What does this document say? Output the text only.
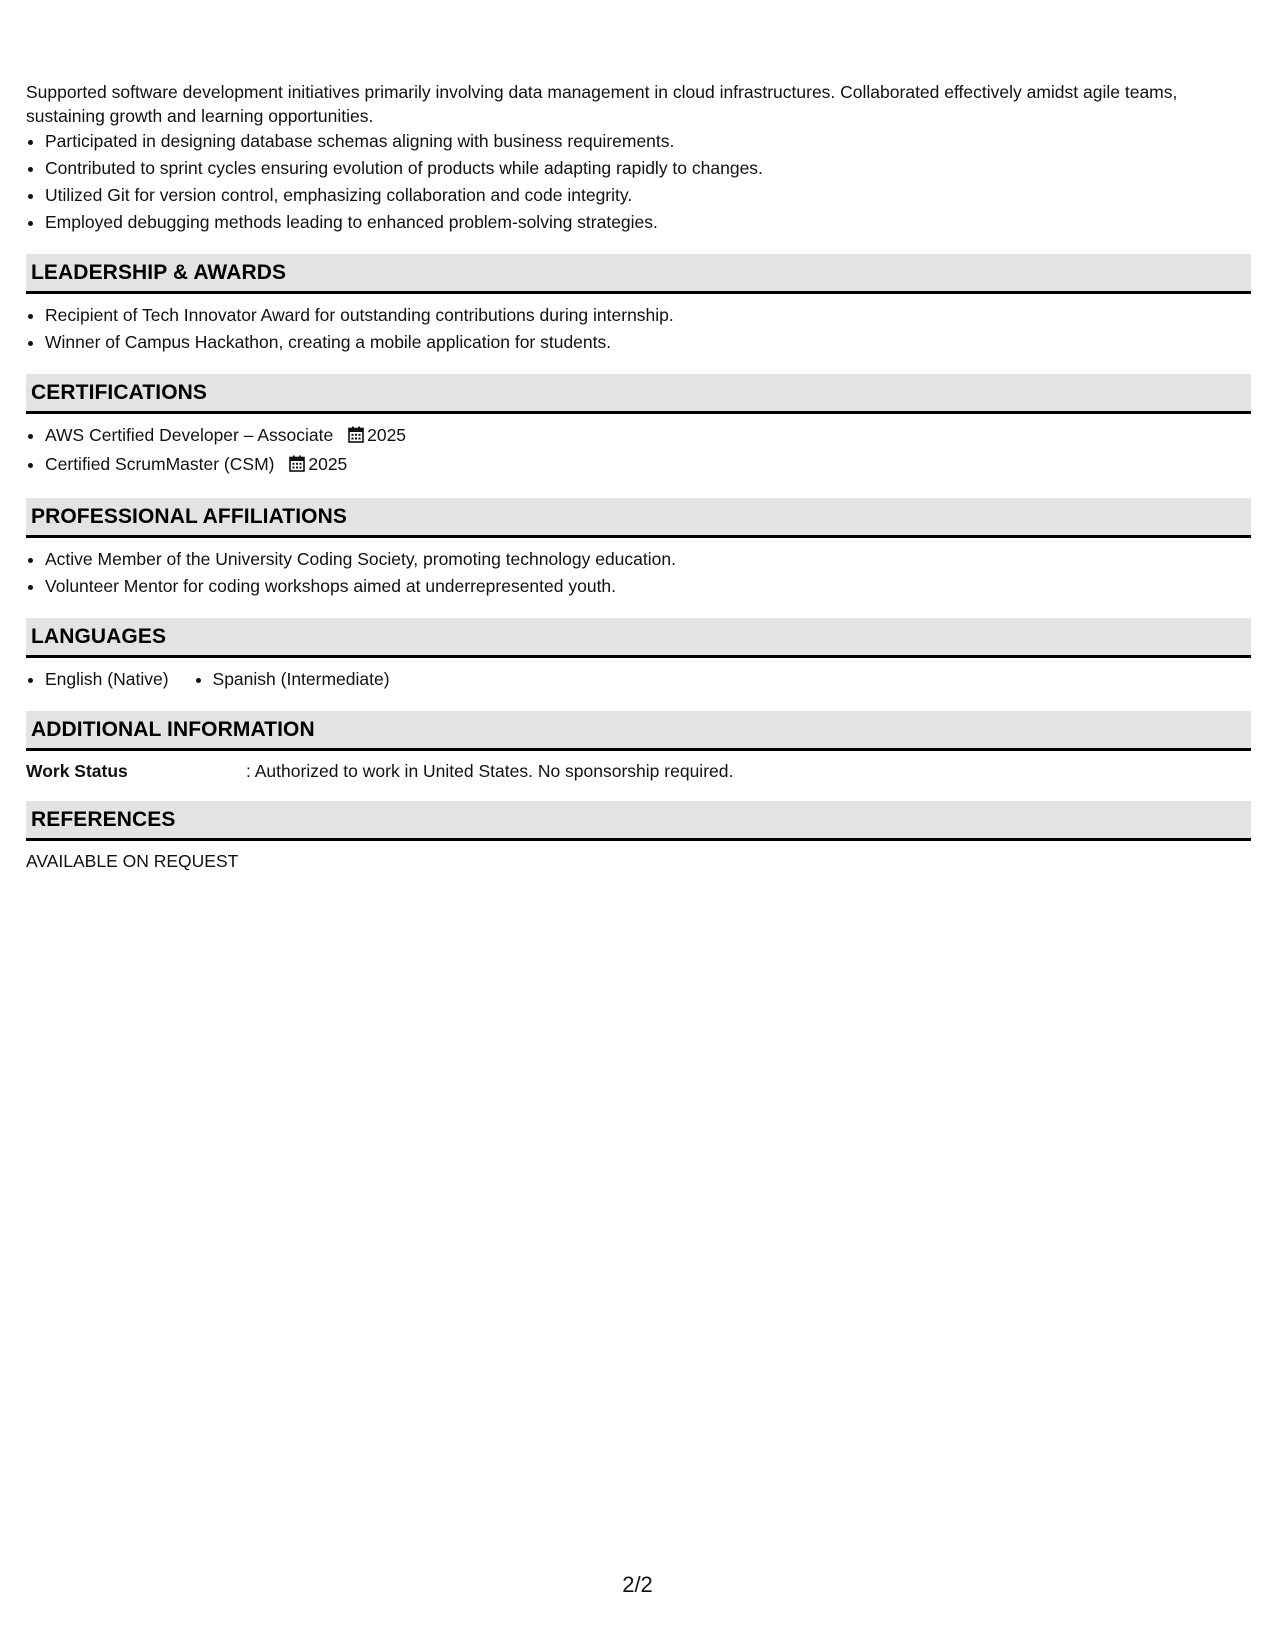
Supported software development initiatives primarily involving data management in cloud infrastructures. Collaborated effectively amidst agile teams, sustaining growth and learning opportunities.

• Participated in designing database schemas aligning with business requirements.
• Contributed to sprint cycles ensuring evolution of products while adapting rapidly to changes.
• Utilized Git for version control, emphasizing collaboration and code integrity.
• Employed debugging methods leading to enhanced problem-solving strategies.
LEADERSHIP & AWARDS
• Recipient of Tech Innovator Award for outstanding contributions during internship.
• Winner of Campus Hackathon, creating a mobile application for students.
CERTIFICATIONS
• AWS Certified Developer – Associate 2025
• Certified ScrumMaster (CSM) 2025
PROFESSIONAL AFFILIATIONS
• Active Member of the University Coding Society, promoting technology education.
• Volunteer Mentor for coding workshops aimed at underrepresented youth.
LANGUAGES
• English (Native)
•	Spanish (Intermediate)
ADDITIONAL INFORMATION
Work Status	: Authorized to work in United States. No sponsorship required.
REFERENCES

AVAILABLE ON REQUEST

2/2
